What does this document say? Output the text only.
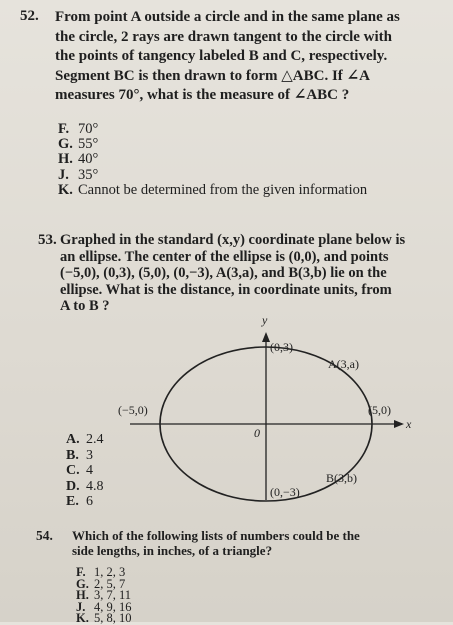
52. From point A outside a circle and in the same plane as
the circle, 2 rays are drawn tangent to the circle with
the points of tangency labeled B and C, respectively.
Segment BC is then drawn to form △ABC. If ∠A
measures 70°, what is the measure of ∠ABC ?
F. 70°
G. 55°
H. 40°
J. 35°
K. Cannot be determined from the given information
53. Graphed in the standard (x,y) coordinate plane below is
an ellipse. The center of the ellipse is (0,0), and points
(−5,0), (0,3), (5,0), (0,−3), A(3,a), and B(3,b) lie on the
ellipse. What is the distance, in coordinate units, from
A to B ?
y
x
0
(0,3)
(0,−3)
(−5,0)	(5,0)
A(3,a)
B(3,b)
A. 2.4
B. 3
C. 4
D. 4.8
E. 6
54. Which of the following lists of numbers could be the
side lengths, in inches, of a triangle?
F. 1, 2, 3
G. 2, 5, 7
H. 3, 7, 11
J. 4, 9, 16
K. 5, 8, 10
